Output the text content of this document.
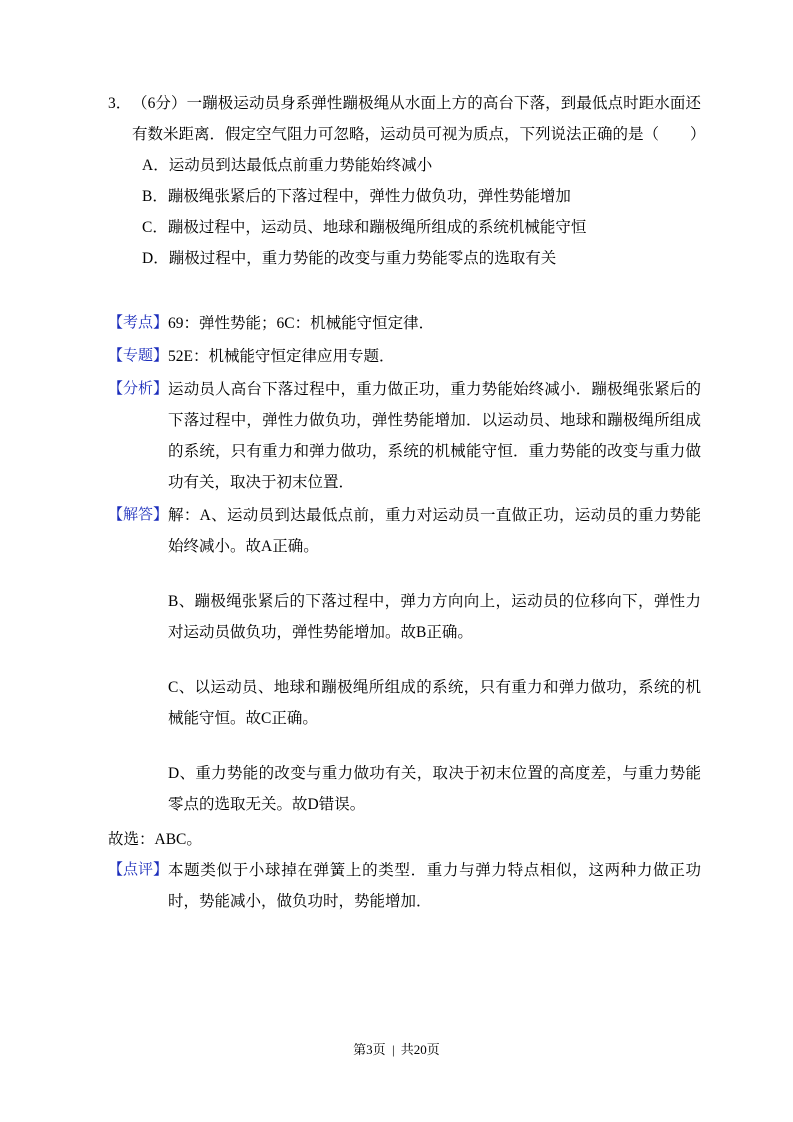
3． （6分）一蹦极运动员身系弹性蹦极绳从水面上方的高台下落，到最低点时距水面还有数米距离．假定空气阻力可忽略，运动员可视为质点，下列说法正确的是（　　）
A．运动员到达最低点前重力势能始终减小
B．蹦极绳张紧后的下落过程中，弹性力做负功，弹性势能增加
C．蹦极过程中，运动员、地球和蹦极绳所组成的系统机械能守恒
D．蹦极过程中，重力势能的改变与重力势能零点的选取有关
【考点】 69：弹性势能；6C：机械能守恒定律．
【专题】 52E：机械能守恒定律应用专题．
【分析】 运动员人高台下落过程中，重力做正功，重力势能始终减小．蹦极绳张紧后的下落过程中，弹性力做负功，弹性势能增加．以运动员、地球和蹦极绳所组成的系统，只有重力和弹力做功，系统的机械能守恒．重力势能的改变与重力做功有关，取决于初末位置．
【解答】 解：A、运动员到达最低点前，重力对运动员一直做正功，运动员的重力势能始终减小。故A正确。

B、蹦极绳张紧后的下落过程中，弹力方向向上，运动员的位移向下，弹性力对运动员做负功，弹性势能增加。故B正确。

C、以运动员、地球和蹦极绳所组成的系统，只有重力和弹力做功，系统的机械能守恒。故C正确。

D、重力势能的改变与重力做功有关，取决于初末位置的高度差，与重力势能零点的选取无关。故D错误。

故选：ABC。
【点评】 本题类似于小球掉在弹簧上的类型．重力与弹力特点相似，这两种力做正功时，势能减小，做负功时，势能增加．
第3页 | 共20页
